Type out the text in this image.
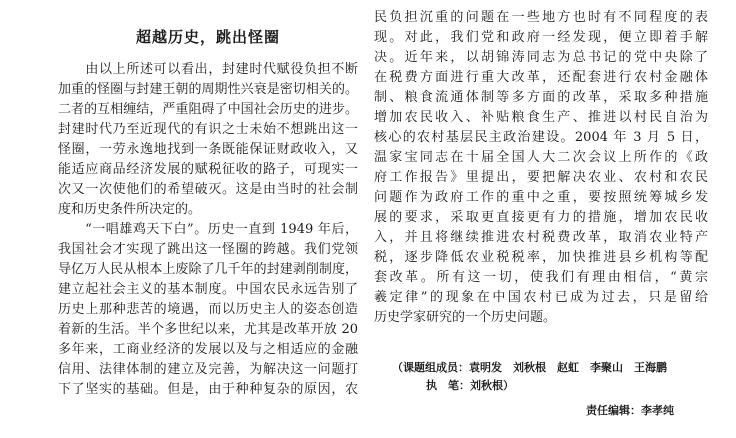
超越历史，跳出怪圈
　　由以上所述可以看出，封建时代赋役负担不断
加重的怪圈与封建王朝的周期性兴衰是密切相关的。
二者的互相缠结，严重阻碍了中国社会历史的进步。
封建时代乃至近现代的有识之士未始不想跳出这一
怪圈，一劳永逸地找到一条既能保证财政收入，又
能适应商品经济发展的赋税征收的路子，可现实一
次又一次使他们的希望破灭。这是由当时的社会制
度和历史条件所决定的。
　　“一唱雄鸡天下白”。历史一直到 1949 年后，
我国社会才实现了跳出这一怪圈的跨越。我们党领
导亿万人民从根本上废除了几千年的封建剥削制度，
建立起社会主义的基本制度。中国农民永远告别了
历史上那种悲苦的境遇，而以历史主人的姿态创造
着新的生活。半个多世纪以来，尤其是改革开放 20
多年来，工商业经济的发展以及与之相适应的金融
信用、法律体制的建立及完善，为解决这一问题打
下了坚实的基础。但是，由于种种复杂的原因，农
民负担沉重的问题在一些地方也时有不同程度的表
现。对此，我们党和政府一经发现，便立即着手解
决。近年来，以胡锦涛同志为总书记的党中央除了
在税费方面进行重大改革，还配套进行农村金融体
制、粮食流通体制等多方面的改革，采取多种措施
增加农民收入、补贴粮食生产、推进以村民自治为
核心的农村基层民主政治建设。2004 年 3 月 5 日，
温家宝同志在十届全国人大二次会议上所作的《政
府工作报告》里提出，要把解决农业、农村和农民
问题作为政府工作的重中之重，要按照统筹城乡发
展的要求，采取更直接更有力的措施，增加农民收
入，并且将继续推进农村税费改革，取消农业特产
税，逐步降低农业税税率，加快推进县乡机构等配
套改革。所有这一切，使我们有理由相信，“黄宗
羲定律”的现象在中国农村已成为过去，只是留给
历史学家研究的一个历史问题。
（课题组成员：袁明发　刘秋根　赵虹　李聚山　王海鹏
执　笔：刘秋根）
责任编辑：李孝纯
